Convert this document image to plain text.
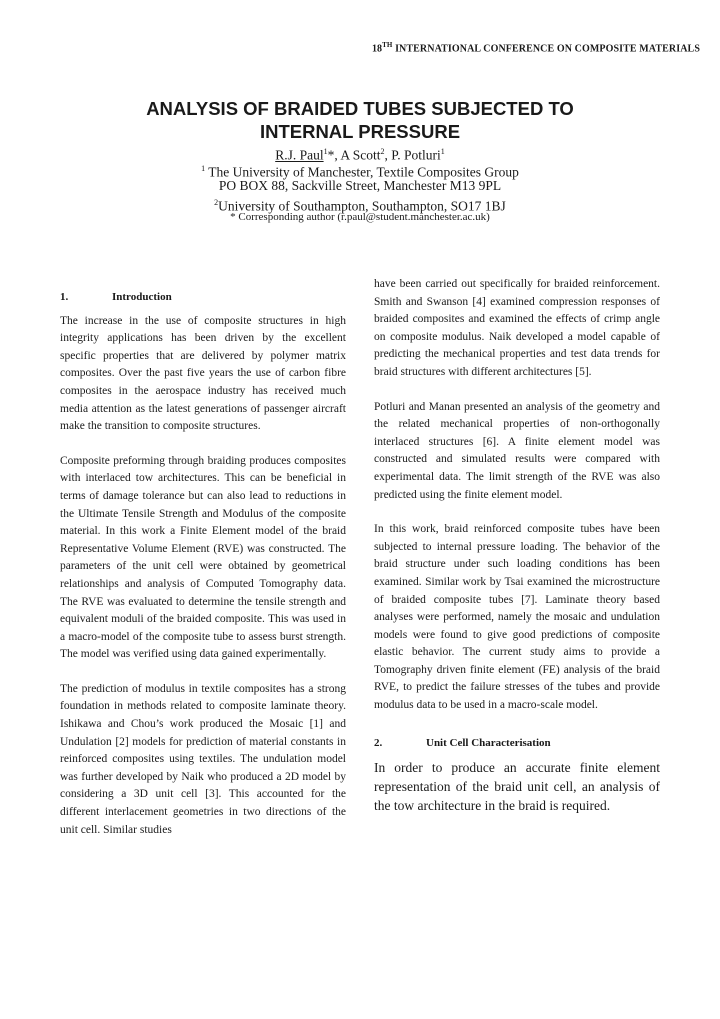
18TH INTERNATIONAL CONFERENCE ON COMPOSITE MATERIALS
ANALYSIS OF BRAIDED TUBES SUBJECTED TO
INTERNAL PRESSURE
R.J. Paul$^1$*, A Scott$^2$, P. Potluri$^1$
$^1$ The University of Manchester, Textile Composites Group
PO BOX 88, Sackville Street, Manchester M13 9PL
$^2$University of Southampton, Southampton, SO17 1BJ
* Corresponding author (r.paul@student.manchester.ac.uk)
1.	Introduction

The increase in the use of composite structures in high integrity applications has been driven by the excellent specific properties that are delivered by polymer matrix composites. Over the past five years the use of carbon fibre composites in the aerospace industry has received much media attention as the latest generations of passenger aircraft make the transition to composite structures.

Composite preforming through braiding produces composites with interlaced tow architectures. This can be beneficial in terms of damage tolerance but can also lead to reductions in the Ultimate Tensile Strength and Modulus of the composite material. In this work a Finite Element model of the braid Representative Volume Element (RVE) was constructed. The parameters of the unit cell were obtained by geometrical relationships and analysis of Computed Tomography data. The RVE was evaluated to determine the tensile strength and equivalent moduli of the braided composite. This was used in a macro-model of the composite tube to assess burst strength. The model was verified using data gained experimentally.

The prediction of modulus in textile composites has a strong foundation in methods related to composite laminate theory. Ishikawa and Chou’s work produced the Mosaic [1] and Undulation [2] models for prediction of material constants in reinforced composites using textiles. The undulation model was further developed by Naik who produced a 2D model by considering a 3D unit cell [3]. This accounted for the different interlacement geometries in two directions of the unit cell. Similar studies

have been carried out specifically for braided reinforcement. Smith and Swanson [4] examined compression responses of braided composites and examined the effects of crimp angle on composite modulus. Naik developed a model capable of predicting the mechanical properties and test data trends for braid structures with different architectures [5].

Potluri and Manan presented an analysis of the geometry and the related mechanical properties of non-orthogonally interlaced structures [6]. A finite element model was constructed and simulated results were compared with experimental data. The limit strength of the RVE was also predicted using the finite element model.

In this work, braid reinforced composite tubes have been subjected to internal pressure loading. The behavior of the braid structure under such loading conditions has been examined. Similar work by Tsai examined the microstructure of braided composite tubes [7]. Laminate theory based analyses were performed, namely the mosaic and undulation models were found to give good predictions of composite elastic behavior. The current study aims to provide a Tomography driven finite element (FE) analysis of the braid RVE, to predict the failure stresses of the tubes and provide modulus data to be used in a macro-scale model.

2.	Unit Cell Characterisation

In order to produce an accurate finite element representation of the braid unit cell, an analysis of the tow architecture in the braid is required.
